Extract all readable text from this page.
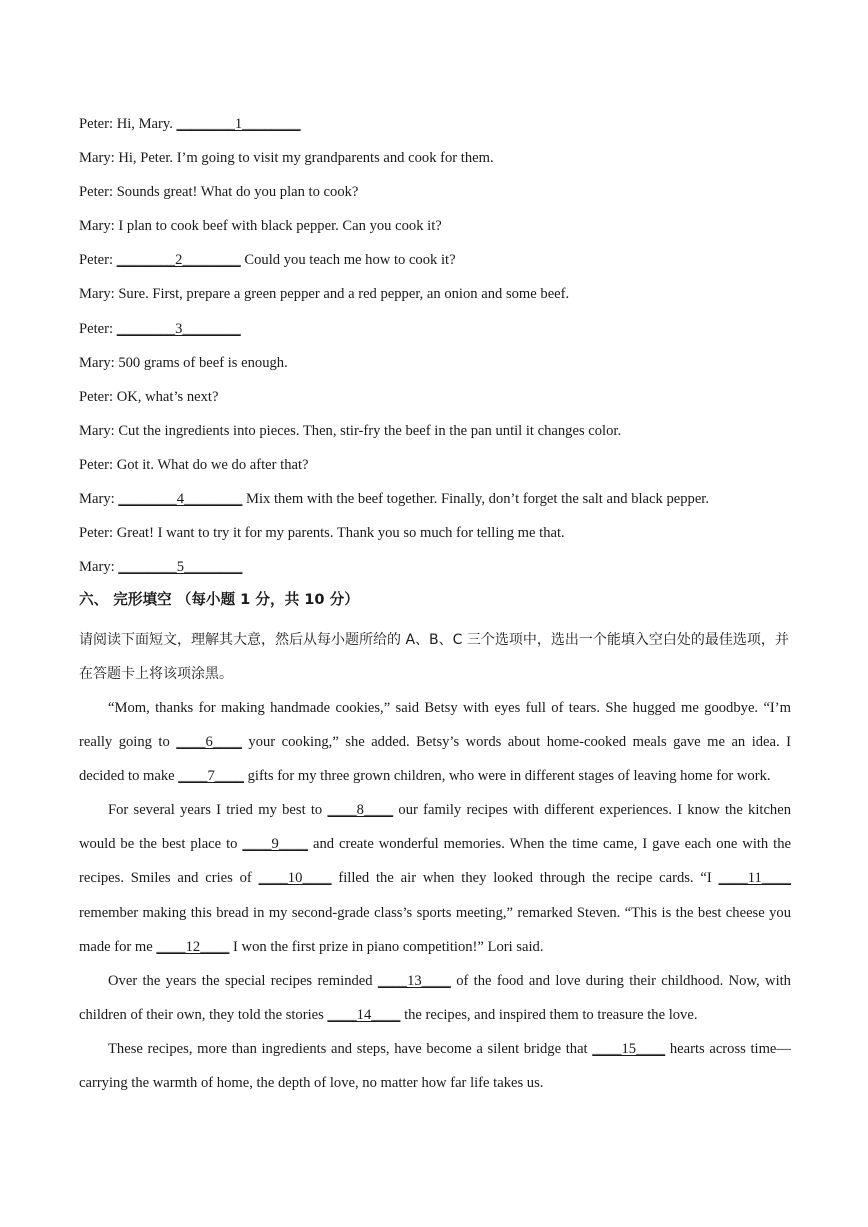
Peter: Hi, Mary. ________1________
Mary: Hi, Peter. I’m going to visit my grandparents and cook for them.
Peter: Sounds great! What do you plan to cook?
Mary: I plan to cook beef with black pepper. Can you cook it?
Peter: ________2________ Could you teach me how to cook it?
Mary: Sure. First, prepare a green pepper and a red pepper, an onion and some beef.
Peter: ________3________
Mary: 500 grams of beef is enough.
Peter: OK, what’s next?
Mary: Cut the ingredients into pieces. Then, stir-fry the beef in the pan until it changes color.
Peter: Got it. What do we do after that?
Mary: ________4________ Mix them with the beef together. Finally, don’t forget the salt and black pepper.
Peter: Great! I want to try it for my parents. Thank you so much for telling me that.
Mary: ________5________
六、 完形填空 （每小题 1 分，共 10 分）
请阅读下面短文，理解其大意，然后从每小题所给的 A、B、C 三个选项中，选出一个能填入空白处的最佳选项，并在答题卡上将该项涂黑。

“Mom, thanks for making handmade cookies,” said Betsy with eyes full of tears. She hugged me goodbye. “I’m really going to ____6____ your cooking,” she added. Betsy’s words about home-cooked meals gave me an idea. I decided to make ____7____ gifts for my three grown children, who were in different stages of leaving home for work.

For several years I tried my best to ____8____ our family recipes with different experiences. I know the kitchen would be the best place to ____9____ and create wonderful memories. When the time came, I gave each one with the recipes. Smiles and cries of ____10____ filled the air when they looked through the recipe cards. “I ____11____ remember making this bread in my second-grade class’s sports meeting,” remarked Steven. “This is the best cheese you made for me ____12____ I won the first prize in piano competition!” Lori said.

Over the years the special recipes reminded ____13____ of the food and love during their childhood. Now, with children of their own, they told the stories ____14____ the recipes, and inspired them to treasure the love.

These recipes, more than ingredients and steps, have become a silent bridge that ____15____ hearts across time—carrying the warmth of home, the depth of love, no matter how far life takes us.
